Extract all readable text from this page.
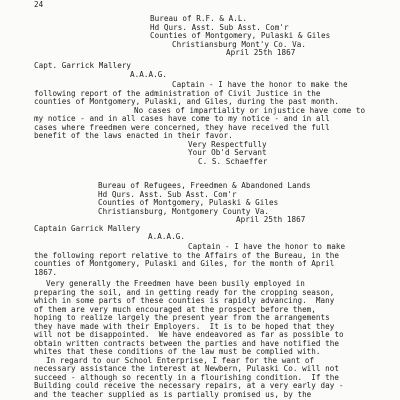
24
Bureau of R.F. & A.L.
Hd Qurs. Asst. Sub Asst. Com'r
Counties of Montgomery, Pulaski & Giles
Christiansburg Mont'y Co. Va.
April 25th 1867
Capt. Garrick Mallery
A.A.A.G.
Captain - I have the honor to make the
following report of the administration of Civil Justice in the
counties of Montgomery, Pulaski, and Giles, during the past month.
No cases of impartiality or injustice have come to
my notice - and in all cases have come to my notice - and in all
cases where freedmen were concerned, they have received the full
benefit of the laws enacted in their favor.
Very Respectfully
Your Ob'd Servant
C. S. Schaeffer
Bureau of Refugees, Freedmen & Abandoned Lands
Hd Qurs. Asst. Sub Asst. Com'r
Counties of Montgomery, Pulaski & Giles
Christiansburg, Montgomery County Va.
April 25th 1867
Captain Garrick Mallery
A.A.A.G.
Captain - I have the honor to make
the following report relative to the Affairs of the Bureau, in the
counties of Montgomery, Pulaski and Giles, for the month of April
1867.
Very generally the Freedmen have been busily employed in
preparing the soil, and in getting ready for the cropping season,
which in some parts of these counties is rapidly advancing.  Many
of them are very much encouraged at the prospect before them,
hoping to realize largely the present year from the arrangements
they have made with their Employers.  It is to be hoped that they
will not be disappointed.  We have endeavored as far as possible to
obtain written contracts between the parties and have notified the
whites that these conditions of the law must be complied with.
In regard to our School Enterprise, I fear for the want of
necessary assistance the interest at Newbern, Pulaski Co. will not
succeed - although so recently in a flourishing condition.  If the
Building could receive the necessary repairs, at a very early day -
and the teacher supplied as is partially promised us, by the
